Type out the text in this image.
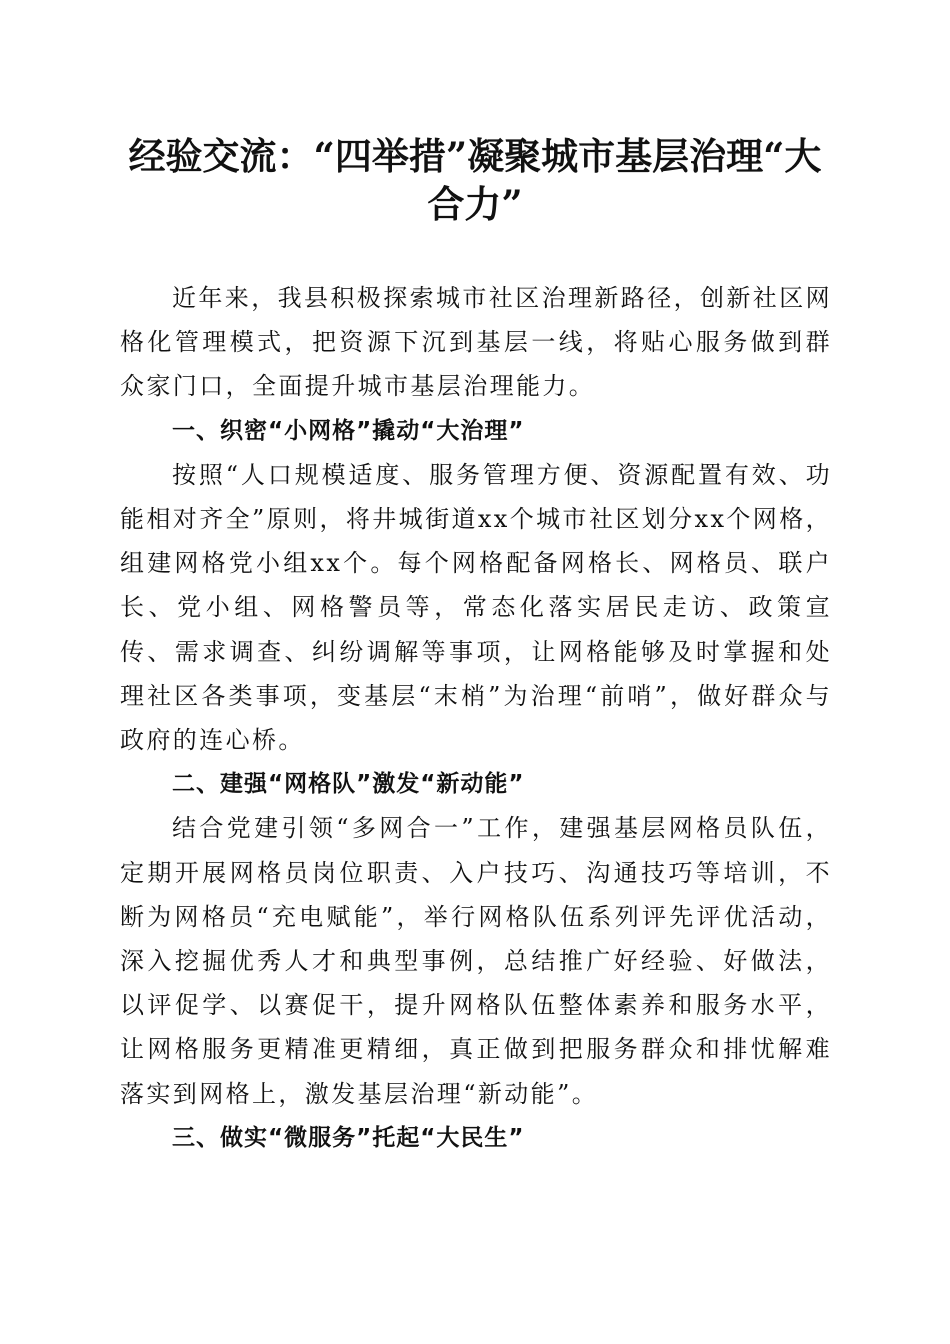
经验交流：“四举措”凝聚城市基层治理“大
合力”

近年来，我县积极探索城市社区治理新路径，创新社区网格化管理模式，把资源下沉到基层一线，将贴心服务做到群众家门口，全面提升城市基层治理能力。

一、织密“小网格”撬动“大治理”

按照“人口规模适度、服务管理方便、资源配置有效、功能相对齐全”原则，将井城街道xx个城市社区划分xx个网格，组建网格党小组xx个。每个网格配备网格长、网格员、联户长、党小组、网格警员等，常态化落实居民走访、政策宣传、需求调查、纠纷调解等事项，让网格能够及时掌握和处理社区各类事项，变基层“末梢”为治理“前哨”，做好群众与政府的连心桥。

二、建强“网格队”激发“新动能”

结合党建引领“多网合一”工作，建强基层网格员队伍，定期开展网格员岗位职责、入户技巧、沟通技巧等培训，不断为网格员“充电赋能”，举行网格队伍系列评先评优活动，深入挖掘优秀人才和典型事例，总结推广好经验、好做法，以评促学、以赛促干，提升网格队伍整体素养和服务水平，让网格服务更精准更精细，真正做到把服务群众和排忧解难落实到网格上，激发基层治理“新动能”。

三、做实“微服务”托起“大民生”
